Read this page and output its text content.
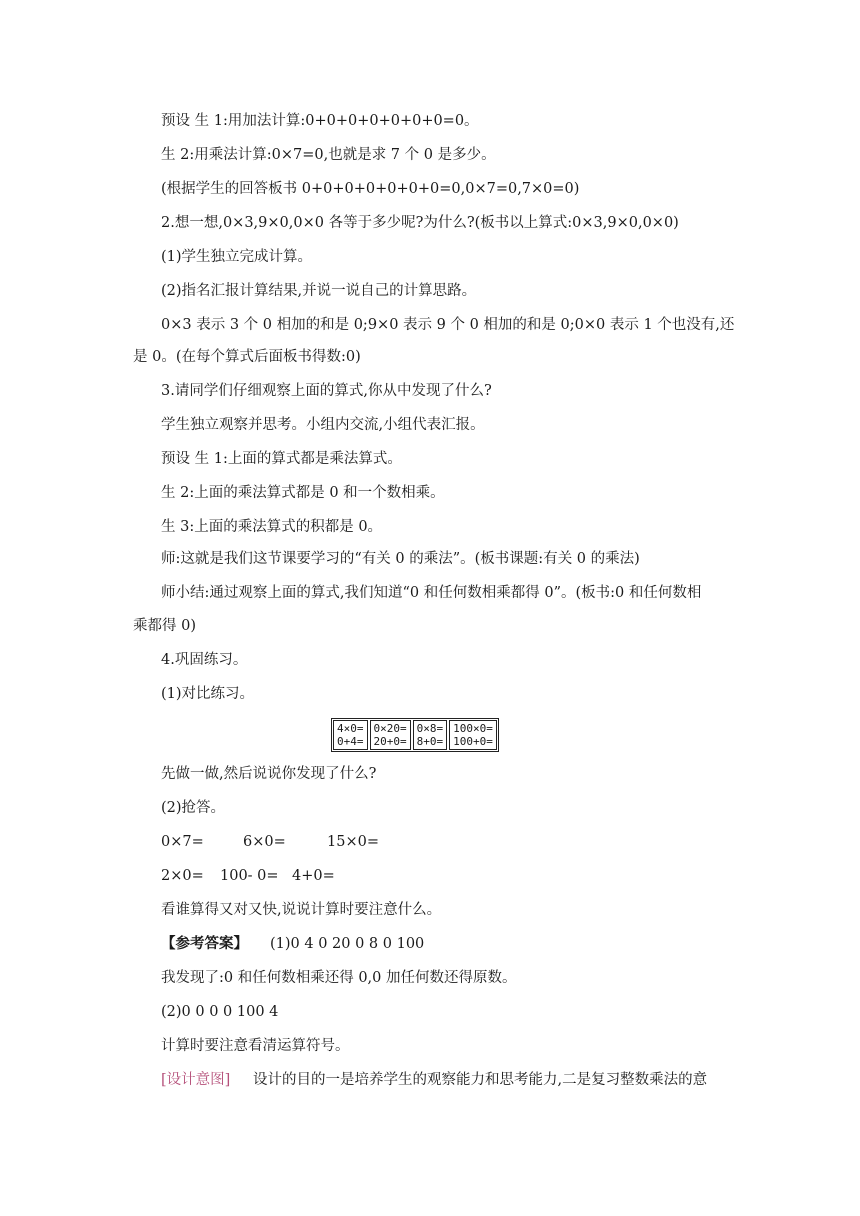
预设 生 1:用加法计算:0+0+0+0+0+0+0=0。
生 2:用乘法计算:0×7=0,也就是求 7 个 0 是多少。
(根据学生的回答板书 0+0+0+0+0+0+0=0,0×7=0,7×0=0)
2.想一想,0×3,9×0,0×0 各等于多少呢?为什么?(板书以上算式:0×3,9×0,0×0)
(1)学生独立完成计算。
(2)指名汇报计算结果,并说一说自己的计算思路。
0×3 表示 3 个 0 相加的和是 0;9×0 表示 9 个 0 相加的和是 0;0×0 表示 1 个也没有,还
是 0。(在每个算式后面板书得数:0)
3.请同学们仔细观察上面的算式,你从中发现了什么?
学生独立观察并思考。小组内交流,小组代表汇报。
预设 生 1:上面的算式都是乘法算式。
生 2:上面的乘法算式都是 0 和一个数相乘。
生 3:上面的乘法算式的积都是 0。
师:这就是我们这节课要学习的“有关 0 的乘法”。(板书课题:有关 0 的乘法)
师小结:通过观察上面的算式,我们知道“0 和任何数相乘都得 0”。(板书:0 和任何数相
乘都得 0)
4.巩固练习。
(1)对比练习。
4×0=
0+4=
0×20=
20+0=
0×8=
8+0=
100×0=
100+0=
先做一做,然后说说你发现了什么?
(2)抢答。
0×7=	6×0=	15×0=
2×0= 100- 0= 4+0=
看谁算得又对又快,说说计算时要注意什么。
【参考答案】 (1)0 4 0 20 0 8 0 100
我发现了:0 和任何数相乘还得 0,0 加任何数还得原数。
(2)0 0 0 0 100 4
计算时要注意看清运算符号。
[设计意图] 设计的目的一是培养学生的观察能力和思考能力,二是复习整数乘法的意
